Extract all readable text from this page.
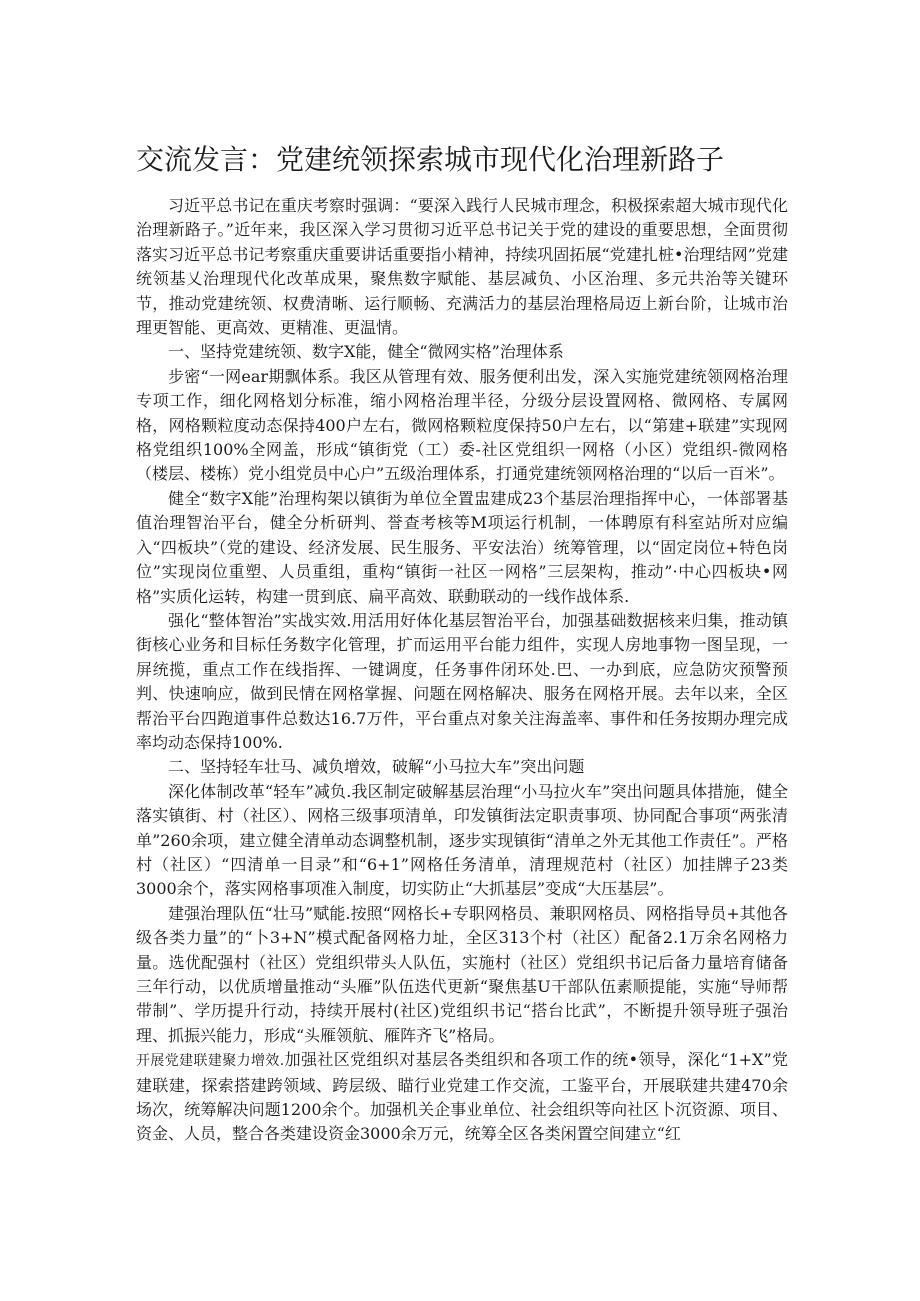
交流发言：党建统领探索城市现代化治理新路子

习近平总书记在重庆考察时强调：“要深入践行人民城市理念，积极探索超大城市现代化治理新路子。”近年来，我区深入学习贯彻习近平总书记关于党的建设的重要思想，全面贯彻落实习近平总书记考察重庆重要讲话重要指小精神，持续巩固拓展“党建扎桩•治理结网”党建统领基乂治理现代化改革成果，聚焦数字赋能、基层减负、小区治理、多元共治等关键环节，推动党建统领、权费清晰、运行顺畅、充满活力的基层治理格局迈上新台阶，让城市治理更智能、更高效、更精准、更温情。

一、坚持党建统领、数字X能，健全“微网实格”治理体系

步密“一网ear期飘体系。我区从管理有效、服务便利出发，深入实施党建统领网格治理专项工作，细化网格划分标准，缩小网格治理半径，分级分层设置网格、微网格、专属网格，网格颗粒度动态保持400户左右，微网格颗粒度保持50户左右，以“第建+联建”实现网格党组织100%全网盖，形成“镇街党（工）委-社区党组织一网格（小区）党组织-微网格（楼层、楼栋）党小组党员中心户”五级治理体系，打通党建统领网格治理的“以后一百米”。

健全“数字X能”治理构架以镇街为单位全置盅建成23个基层治理指挥中心，一体部署基值治理智治平台，健全分析研判、誉查考核等M项运行机制，一体聘原有科室站所对应编入“四板块”（党的建设、经济发展、民生服务、平安法治）统筹管理，以“固定岗位+特色岗位”实现岗位重塑、人员重组，重构“镇街一社区一网格”三层架构，推动”·中心四板块•网格”实质化运转，构建一贯到底、扁平高效、联動联动的一线作战体系.

强化“整体智治”实战实效.用活用好体化基层智治平台，加强基础数据核来归集，推动镇街核心业务和目标任务数字化管理，扩而运用平台能力组件，实现人房地事物一图呈现，一屏统揽，重点工作在线指挥、一键调度，任务事件闭环处.巴、一办到底，应急防灾预警预判、快速响应，做到民情在网格掌握、问题在网格解决、服务在网格开展。去年以来，全区帮治平台四跑道事件总数达16.7万件，平台重点对象关注海盖率、事件和任务按期办理完成率均动态保持100%.

二、坚持轻车壮马、减负增效，破解“小马拉大车”突出问题

深化体制改革“轻车”减负.我区制定破解基层治理“小马拉火车”突出问题具体措施，健全落实镇街、村（社区）、网格三级事项清单，印发镇街法定职责事项、协同配合事项“两张清单”260余项，建立健全清单动态调整机制，逐步实现镇街“清单之外无其他工作责任”。严格村（社区）“四清单一目录”和“6+1”网格任务清单，清理规范村（社区）加挂牌子23类3000余个，落实网格事项准入制度，切实防止“大抓基层”变成“大压基层”。

建强治理队伍“壮马”赋能.按照“网格长+专职网格员、兼职网格员、网格指导员+其他各级各类力量”的“卜3+N”模式配备网格力址，全区313个村（社区）配备2.1万余名网格力量。选优配强村（社区）党组织带头人队伍，实施村（社区）党组织书记后备力量培育储备三年行动，以优质增量推动“头雁”队伍迭代更新“聚焦基U干部队伍素顺提能，实施“导师帮带制”、学历提升行动，持续开展村(社区)党组织书记“搭台比武”，不断提升领导班子强治理、抓振兴能力，形成“头雁领航、雁阵齐飞”格局。

开展党建联建聚力增效.加强社区党组织对基层各类组织和各项工作的统•领导，深化“1+X”党建联建，探索搭建跨领域、跨层级、瞄行业党建工作交流，工鉴平台，开展联建共建470余场次，统筹解决问题1200余个。加强机关企事业单位、社会组织等向社区卜沉资源、项目、资金、人员，整合各类建设资金3000余万元，统筹全区各类闲置空间建立“红
